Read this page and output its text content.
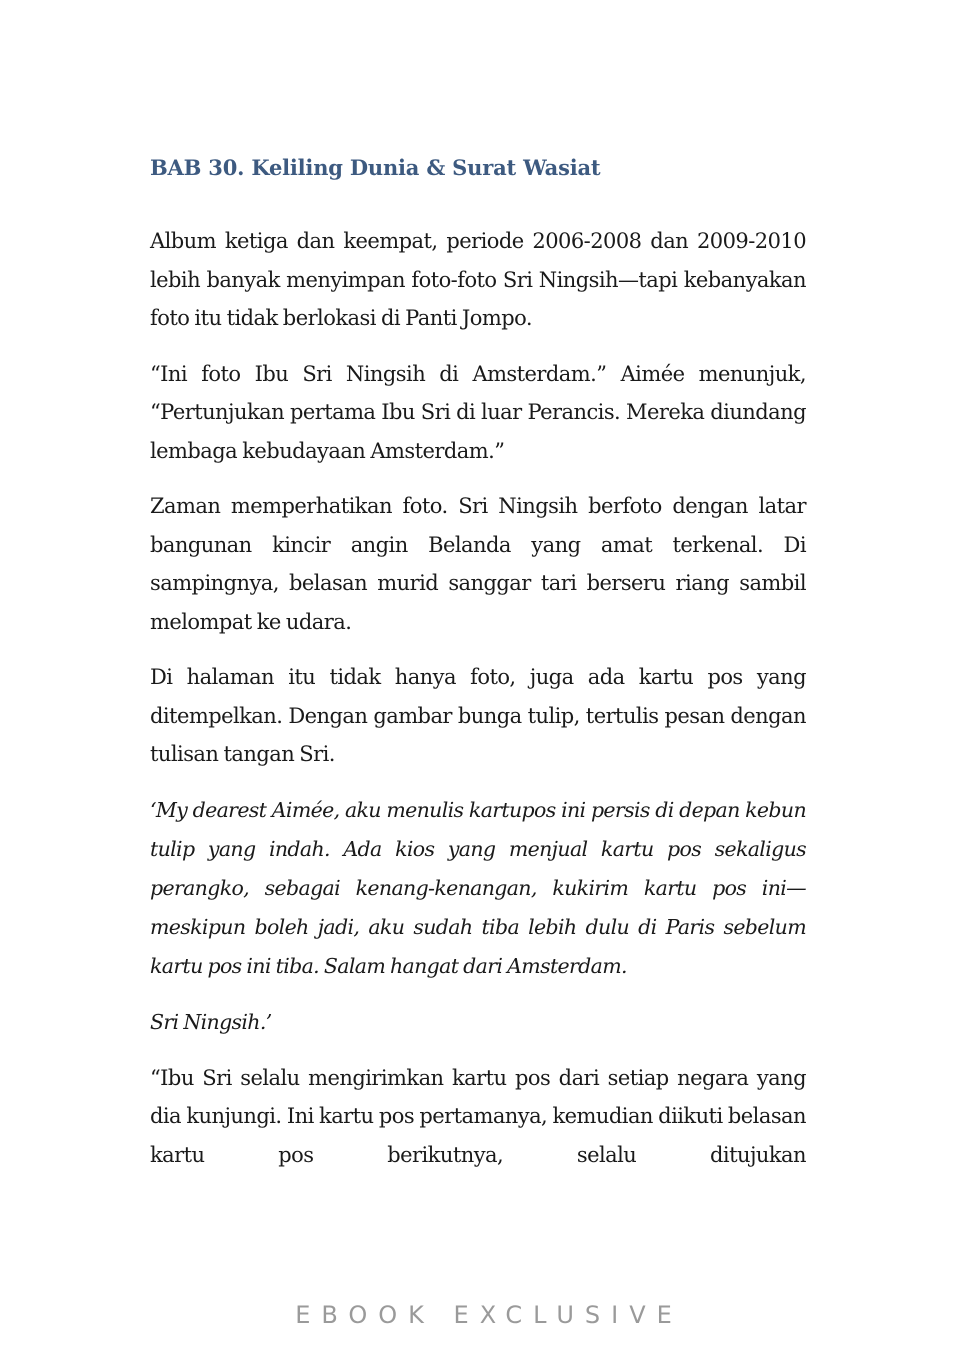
BAB 30. Keliling Dunia & Surat Wasiat

Album ketiga dan keempat, periode 2006-2008 dan 2009-2010 lebih banyak menyimpan foto-foto Sri Ningsih—tapi kebanyakan foto itu tidak berlokasi di Panti Jompo.

“Ini foto Ibu Sri Ningsih di Amsterdam.” Aimée menunjuk, “Pertunjukan pertama Ibu Sri di luar Perancis. Mereka diundang lembaga kebudayaan Amsterdam.”

Zaman memperhatikan foto. Sri Ningsih berfoto dengan latar bangunan kincir angin Belanda yang amat terkenal. Di sampingnya, belasan murid sanggar tari berseru riang sambil melompat ke udara.

Di halaman itu tidak hanya foto, juga ada kartu pos yang ditempelkan. Dengan gambar bunga tulip, tertulis pesan dengan tulisan tangan Sri.

‘My dearest Aimée, aku menulis kartupos ini persis di depan kebun tulip yang indah. Ada kios yang menjual kartu pos sekaligus perangko, sebagai kenang-kenangan, kukirim kartu pos ini—meskipun boleh jadi, aku sudah tiba lebih dulu di Paris sebelum kartu pos ini tiba. Salam hangat dari Amsterdam.

Sri Ningsih.’

“Ibu Sri selalu mengirimkan kartu pos dari setiap negara yang dia kunjungi. Ini kartu pos pertamanya, kemudian diikuti belasan kartu pos berikutnya, selalu ditujukan

EBOOK EXCLUSIVE
